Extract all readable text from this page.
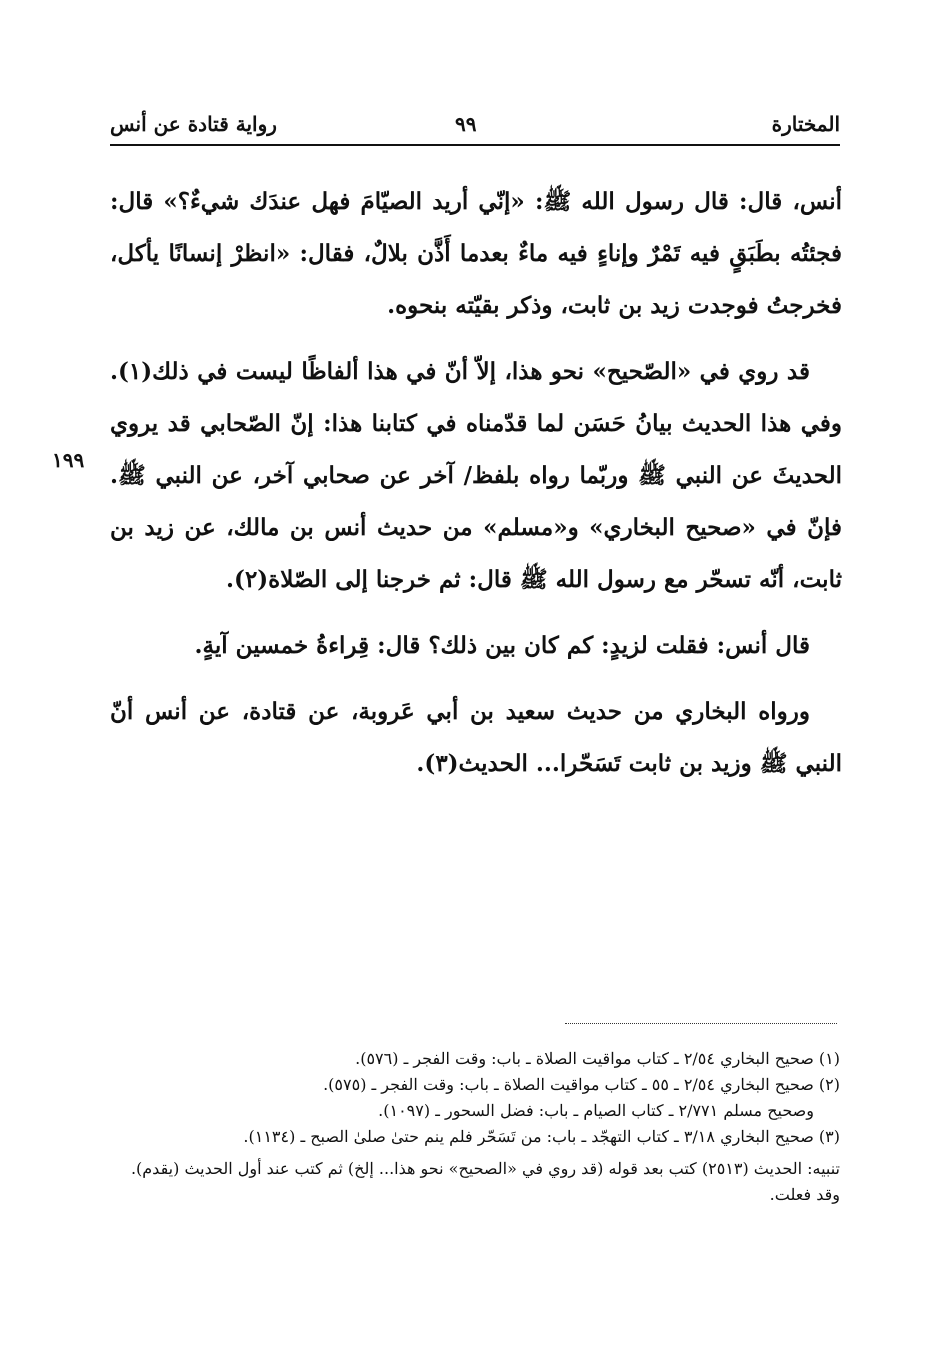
المختارة
٩٩
رواية قتادة عن أنس
١٩٩

أنس، قال: قال رسول الله ﷺ: «إنّي أريد الصيّامَ فهل عندَك شيءٌ؟» قال: فجئتُه بطَبَقٍ فيه تَمْرٌ وإناءٍ فيه ماءٌ بعدما أَذَّن بلالٌ، فقال: «انظرْ إنسانًا يأكل، فخرجتُ فوجدت زيد بن ثابت، وذكر بقيّته بنحوه.

قد روي في «الصّحيح» نحو هذا، إلاّ أنّ في هذا ألفاظًا ليست في ذلك(١). وفي هذا الحديث بيانُ حَسَن لما قدّمناه في كتابنا هذا: إنّ الصّحابي قد يروي الحديثَ عن النبي ﷺ وربّما رواه بلفظ/ آخر عن صحابي آخر، عن النبي ﷺ. فإنّ في «صحيح البخاري» و«مسلم» من حديث أنس بن مالك، عن زيد بن ثابت، أنّه تسحّر مع رسول الله ﷺ قال: ثم خرجنا إلى الصّلاة(٢).

قال أنس: فقلت لزيدٍ: كم كان بين ذلك؟ قال: قِراءةُ خمسين آيةٍ.

ورواه البخاري من حديث سعيد بن أبي عَروبة، عن قتادة، عن أنس أنّ النبي ﷺ وزيد بن ثابت تَسَحّرا... الحديث(٣).

(١) صحيح البخاري ٢/٥٤ ـ كتاب مواقيت الصلاة ـ باب: وقت الفجر ـ (٥٧٦).

(٢) صحيح البخاري ٢/٥٤ ـ ٥٥ ـ كتاب مواقيت الصلاة ـ باب: وقت الفجر ـ (٥٧٥).

وصحيح مسلم ٢/٧٧١ ـ كتاب الصيام ـ باب: فضل السحور ـ (١٠٩٧).

(٣) صحيح البخاري ٣/١٨ ـ كتاب التهجّد ـ باب: من تَسَحّر فلم ينم حتىٰ صلىٰ الصبح ـ (١١٣٤).

تنبيه: الحديث (٢٥١٣) كتب بعد قوله (قد روي في «الصحيح» نحو هذا... إلخ) ثم كتب عند أول الحديث (يقدم). وقد فعلت.
